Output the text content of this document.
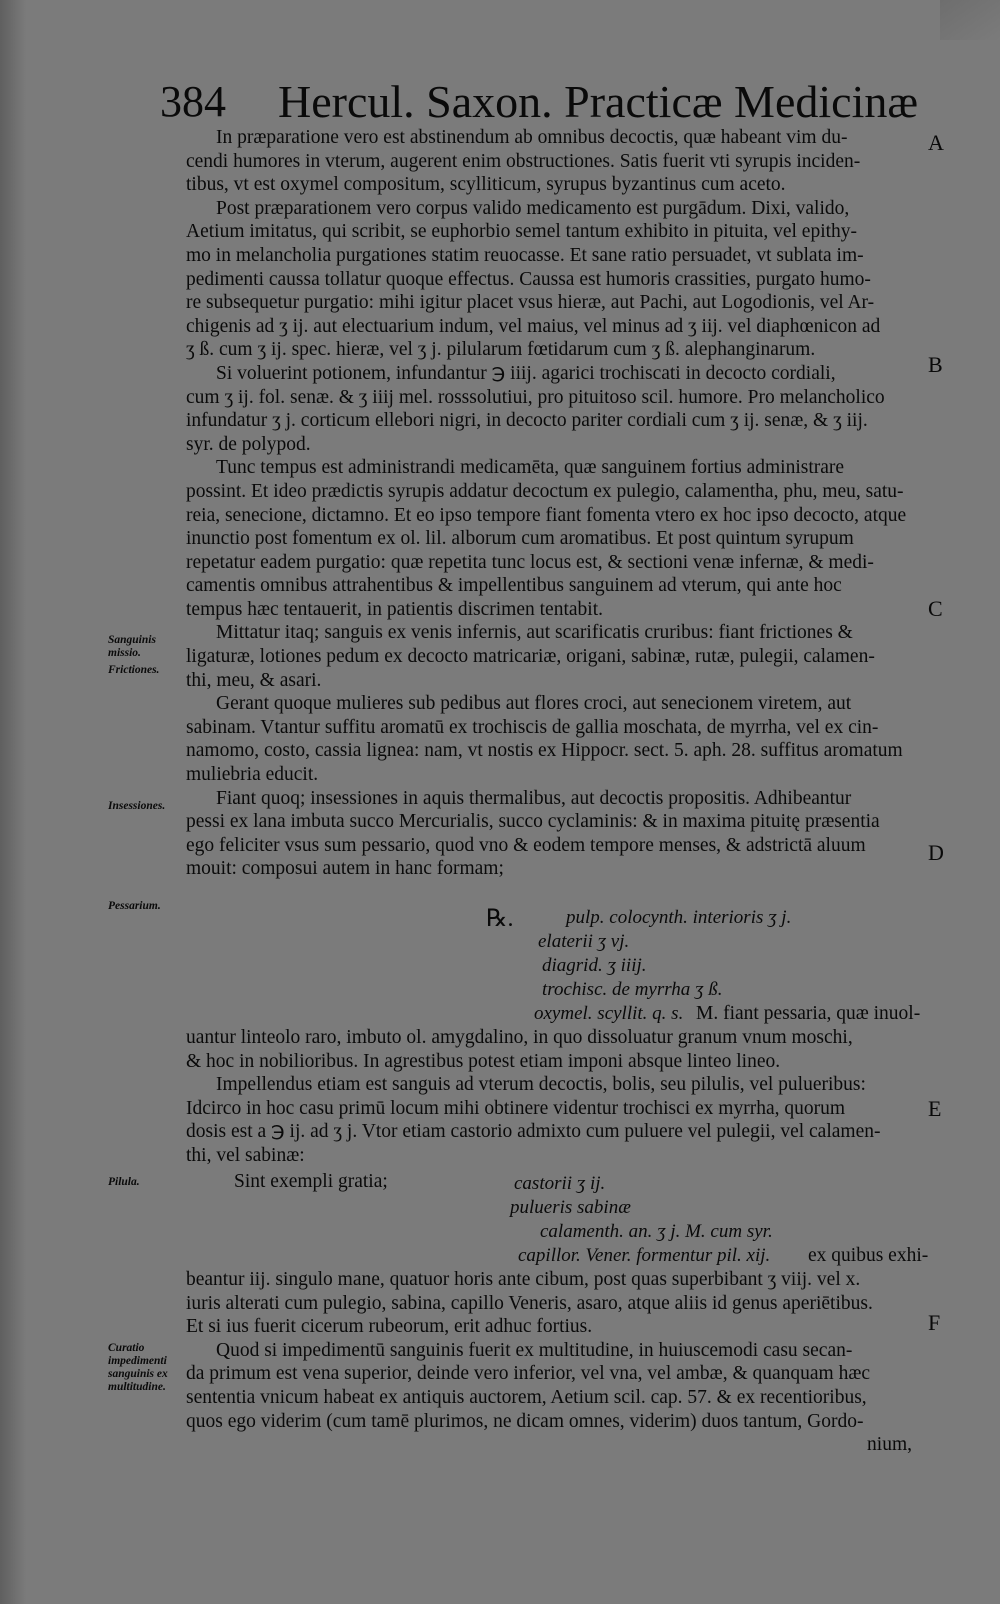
384 Hercul. Saxon. Practicæ Medicinæ
A
B
C
D
E
F
Sanguinis missio.
Frictiones.
Insessiones.
Pessarium.
Pilula.
Curatio impedimenti sanguinis ex multitudine.
In præparatione vero est abstinendum ab omnibus decoctis, quæ habeant vim du-
cendi humores in vterum, augerent enim obstructiones. Satis fuerit vti syrupis inciden-
tibus, vt est oxymel compositum, scylliticum, syrupus byzantinus cum aceto.
Post præparationem vero corpus valido medicamento est purgādum. Dixi, valido,
Aetium imitatus, qui scribit, se euphorbio semel tantum exhibito in pituita, vel epithy-
mo in melancholia purgationes statim reuocasse. Et sane ratio persuadet, vt sublata im-
pedimenti caussa tollatur quoque effectus. Caussa est humoris crassities, purgato humo-
re subsequetur purgatio: mihi igitur placet vsus hieræ, aut Pachi, aut Logodionis, vel Ar-
chigenis ad ʒ ij. aut electuarium indum, vel maius, vel minus ad ʒ iij. vel diaphœnicon ad
ʒ ß. cum ʒ ij. spec. hieræ, vel ʒ j. pilularum fœtidarum cum ʒ ß. alephanginarum.
Si voluerint potionem, infundantur ℈ iiij. agarici trochiscati in decocto cordiali,
cum ʒ ij. fol. senæ. & ʒ iiij mel. rosssolutiui, pro pituitoso scil. humore. Pro melancholico
infundatur ʒ j. corticum ellebori nigri, in decocto pariter cordiali cum ʒ ij. senæ, & ʒ iij.
syr. de polypod.
Tunc tempus est administrandi medicamēta, quæ sanguinem fortius administrare
possint. Et ideo prædictis syrupis addatur decoctum ex pulegio, calamentha, phu, meu, satu-
reia, senecione, dictamno. Et eo ipso tempore fiant fomenta vtero ex hoc ipso decocto, atque
inunctio post fomentum ex ol. lil. alborum cum aromatibus. Et post quintum syrupum
repetatur eadem purgatio: quæ repetita tunc locus est, & sectioni venæ infernæ, & medi-
camentis omnibus attrahentibus & impellentibus sanguinem ad vterum, qui ante hoc
tempus hæc tentauerit, in patientis discrimen tentabit.
Mittatur itaq; sanguis ex venis infernis, aut scarificatis cruribus: fiant frictiones &
ligaturæ, lotiones pedum ex decocto matricariæ, origani, sabinæ, rutæ, pulegii, calamen-
thi, meu, & asari.
Gerant quoque mulieres sub pedibus aut flores croci, aut senecionem viretem, aut
sabinam. Vtantur suffitu aromatū ex trochiscis de gallia moschata, de myrrha, vel ex cin-
namomo, costo, cassia lignea: nam, vt nostis ex Hippocr. sect. 5. aph. 28. suffitus aromatum
muliebria educit.
Fiant quoq; insessiones in aquis thermalibus, aut decoctis propositis. Adhibeantur
pessi ex lana imbuta succo Mercurialis, succo cyclaminis: & in maxima pituitę præsentia
ego feliciter vsus sum pessario, quod vno & eodem tempore menses, & adstrictā aluum
mouit: composui autem in hanc formam;
℞.	pulp. colocynth. interioris ʒ j.
elaterii ʒ vj.
diagrid. ʒ iiij.
trochisc. de myrrha ʒ ß.
oxymel. scyllit. q. s. M. fiant pessaria, quæ inuol-
uantur linteolo raro, imbuto ol. amygdalino, in quo dissoluatur granum vnum moschi,
& hoc in nobilioribus. In agrestibus potest etiam imponi absque linteo lineo.
Impellendus etiam est sanguis ad vterum decoctis, bolis, seu pilulis, vel pulueribus:
Idcirco in hoc casu primū locum mihi obtinere videntur trochisci ex myrrha, quorum
dosis est a ℈ ij. ad ʒ j. Vtor etiam castorio admixto cum puluere vel pulegii, vel calamen-
thi, vel sabinæ:
Sint exempli gratia;	castorii ʒ ij.
pulueris sabinæ
calamenth. an. ʒ j. M. cum syr.
capillor. Vener. formentur pil. xij. ex quibus exhi-
beantur iij. singulo mane, quatuor horis ante cibum, post quas superbibant ʒ viij. vel x.
iuris alterati cum pulegio, sabina, capillo Veneris, asaro, atque aliis id genus aperiētibus.
Et si ius fuerit cicerum rubeorum, erit adhuc fortius.
Quod si impedimentū sanguinis fuerit ex multitudine, in huiuscemodi casu secan-
da primum est vena superior, deinde vero inferior, vel vna, vel ambæ, & quanquam hæc
sententia vnicum habeat ex antiquis auctorem, Aetium scil. cap. 57. & ex recentioribus,
quos ego viderim (cum tamē plurimos, ne dicam omnes, viderim) duos tantum, Gordo-
nium,
